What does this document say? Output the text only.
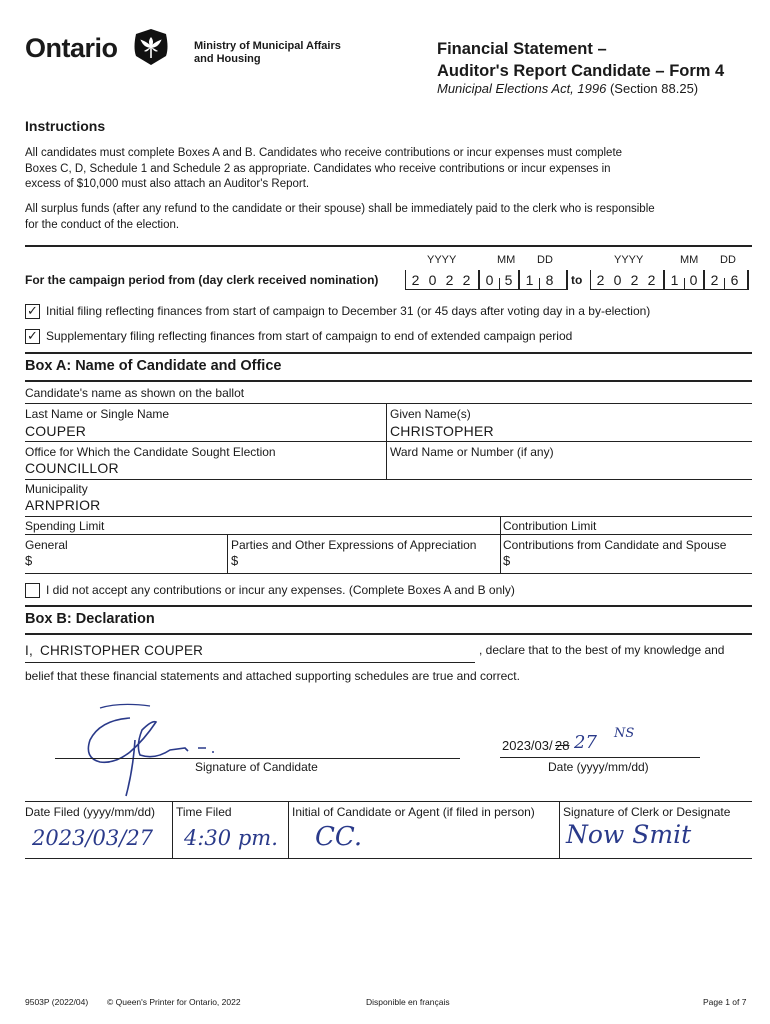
Ontario	Ministry of Municipal Affairs
and Housing
Financial Statement –
Auditor's Report Candidate – Form 4
Municipal Elections Act, 1996 (Section 88.25)
Instructions
All candidates must complete Boxes A and B. Candidates who receive contributions or incur expenses must complete
Boxes C, D, Schedule 1 and Schedule 2 as appropriate. Candidates who receive contributions or incur expenses in
excess of $10,000 must also attach an Auditor's Report.
All surplus funds (after any refund to the candidate or their spouse) shall be immediately paid to the clerk who is responsible
for the conduct of the election.
YYYY	MM DD	YYYY	MM DD
For the campaign period from (day clerk received nomination) 2 0 2 2 0 5 1 8	to 2 0 2 2 1 0 2 6
✓ Initial filing reflecting finances from start of campaign to December 31 (or 45 days after voting day in a by-election)
✓ Supplementary filing reflecting finances from start of campaign to end of extended campaign period
Box A: Name of Candidate and Office
Candidate's name as shown on the ballot
Last Name or Single Name
COUPER
Given Name(s)
CHRISTOPHER
Office for Which the Candidate Sought Election
COUNCILLOR
Ward Name or Number (if any)
Municipality
ARNPRIOR
Spending Limit	Contribution Limit
General
$
Parties and Other Expressions of Appreciation
$
Contributions from Candidate and Spouse
$
I did not accept any contributions or incur any expenses. (Complete Boxes A and B only)
Box B: Declaration
I, CHRISTOPHER COUPER	, declare that to the best of my knowledge and
belief that these financial statements and attached supporting schedules are true and correct.
Signature of Candidate
2023/03/ 28 27 NS
Date (yyyy/mm/dd)
Date Filed (yyyy/mm/dd)
2023/03/27
Time Filed
4:30 pm.
Initial of Candidate or Agent (if filed in person)
CC.
Signature of Clerk or Designate
Now Smit
9503P (2022/04) © Queen's Printer for Ontario, 2022	Disponible en français	Page 1 of 7
